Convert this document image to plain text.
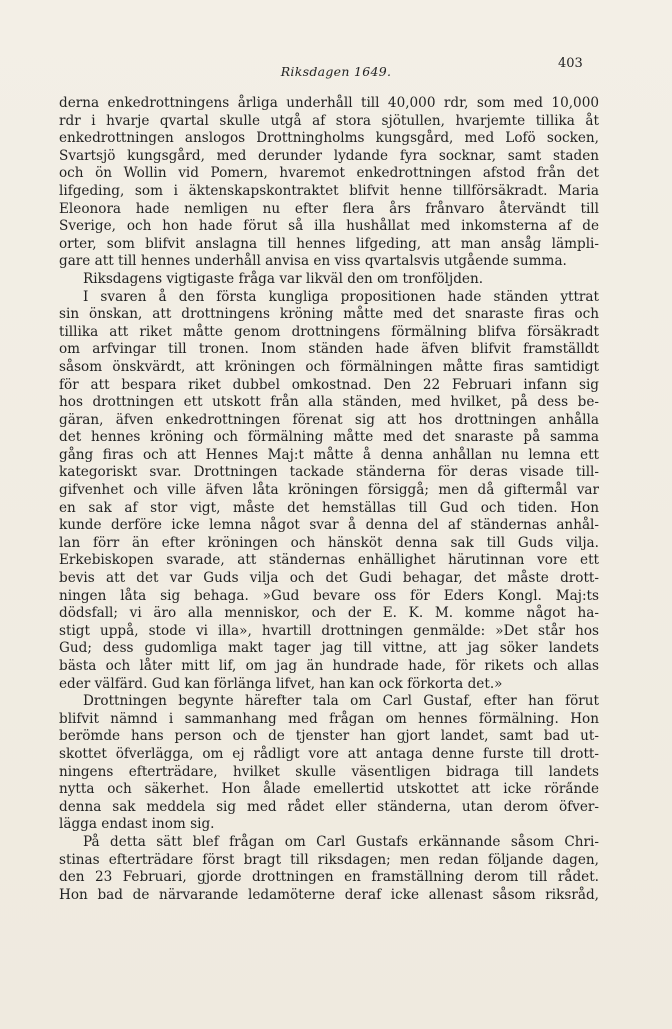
Riksdagen 1649.
403
derna enkedrottningens årliga underhåll till 40,000 rdr, som med 10,000
rdr i hvarje qvartal skulle utgå af stora sjötullen, hvarjemte tillika åt
enkedrottningen anslogos Drottningholms kungsgård, med Lofö socken,
Svartsjö kungsgård, med derunder lydande fyra socknar, samt staden
och ön Wollin vid Pomern, hvaremot enkedrottningen afstod från det
lifgeding, som i äktenskapskontraktet blifvit henne tillförsäkradt. Maria
Eleonora hade nemligen nu efter flera års frånvaro återvändt till
Sverige, och hon hade förut så illa hushållat med inkomsterna af de
orter, som blifvit anslagna till hennes lifgeding, att man ansåg lämpli-
gare att till hennes underhåll anvisa en viss qvartalsvis utgående summa.
Riksdagens vigtigaste fråga var likväl den om tronföljden.
I svaren å den första kungliga propositionen hade ständen yttrat
sin önskan, att drottningens kröning måtte med det snaraste firas och
tillika att riket måtte genom drottningens förmälning blifva försäkradt
om arfvingar till tronen. Inom ständen hade äfven blifvit framställdt
såsom önskvärdt, att kröningen och förmälningen måtte firas samtidigt
för att bespara riket dubbel omkostnad. Den 22 Februari infann sig
hos drottningen ett utskott från alla ständen, med hvilket, på dess be-
gäran, äfven enkedrottningen förenat sig att hos drottningen anhålla
det hennes kröning och förmälning måtte med det snaraste på samma
gång firas och att Hennes Maj:t måtte å denna anhållan nu lemna ett
kategoriskt svar. Drottningen tackade ständerna för deras visade till-
gifvenhet och ville äfven låta kröningen försiggå; men då giftermål var
en sak af stor vigt, måste det hemställas till Gud och tiden. Hon
kunde derföre icke lemna något svar å denna del af ständernas anhål-
lan förr än efter kröningen och hänsköt denna sak till Guds vilja.
Erkebiskopen svarade, att ständernas enhällighet härutinnan vore ett
bevis att det var Guds vilja och det Gudi behagar, det måste drott-
ningen låta sig behaga. »Gud bevare oss för Eders Kongl. Maj:ts
dödsfall; vi äro alla menniskor, och der E. K. M. komme något ha-
stigt uppå, stode vi illa», hvartill drottningen genmälde: »Det står hos
Gud; dess gudomliga makt tager jag till vittne, att jag söker landets
bästa och låter mitt lif, om jag än hundrade hade, för rikets och allas
eder välfärd. Gud kan förlänga lifvet, han kan ock förkorta det.»
Drottningen begynte härefter tala om Carl Gustaf, efter han förut
blifvit nämnd i sammanhang med frågan om hennes förmälning. Hon
berömde hans person och de tjenster han gjort landet, samt bad ut-
skottet öfverlägga, om ej rådligt vore att antaga denne furste till drott-
ningens efterträdare, hvilket skulle väsentligen bidraga till landets
nytta och säkerhet. Hon ålade emellertid utskottet att icke röra̋nde
denna sak meddela sig med rådet eller ständerna, utan derom öfver-
lägga endast inom sig.
På detta sätt blef frågan om Carl Gustafs erkännande såsom Chri-
stinas efterträdare först bragt till riksdagen; men redan följande dagen,
den 23 Februari, gjorde drottningen en framställning derom till rådet.
Hon bad de närvarande ledamöterne deraf icke allenast såsom riksråd,
